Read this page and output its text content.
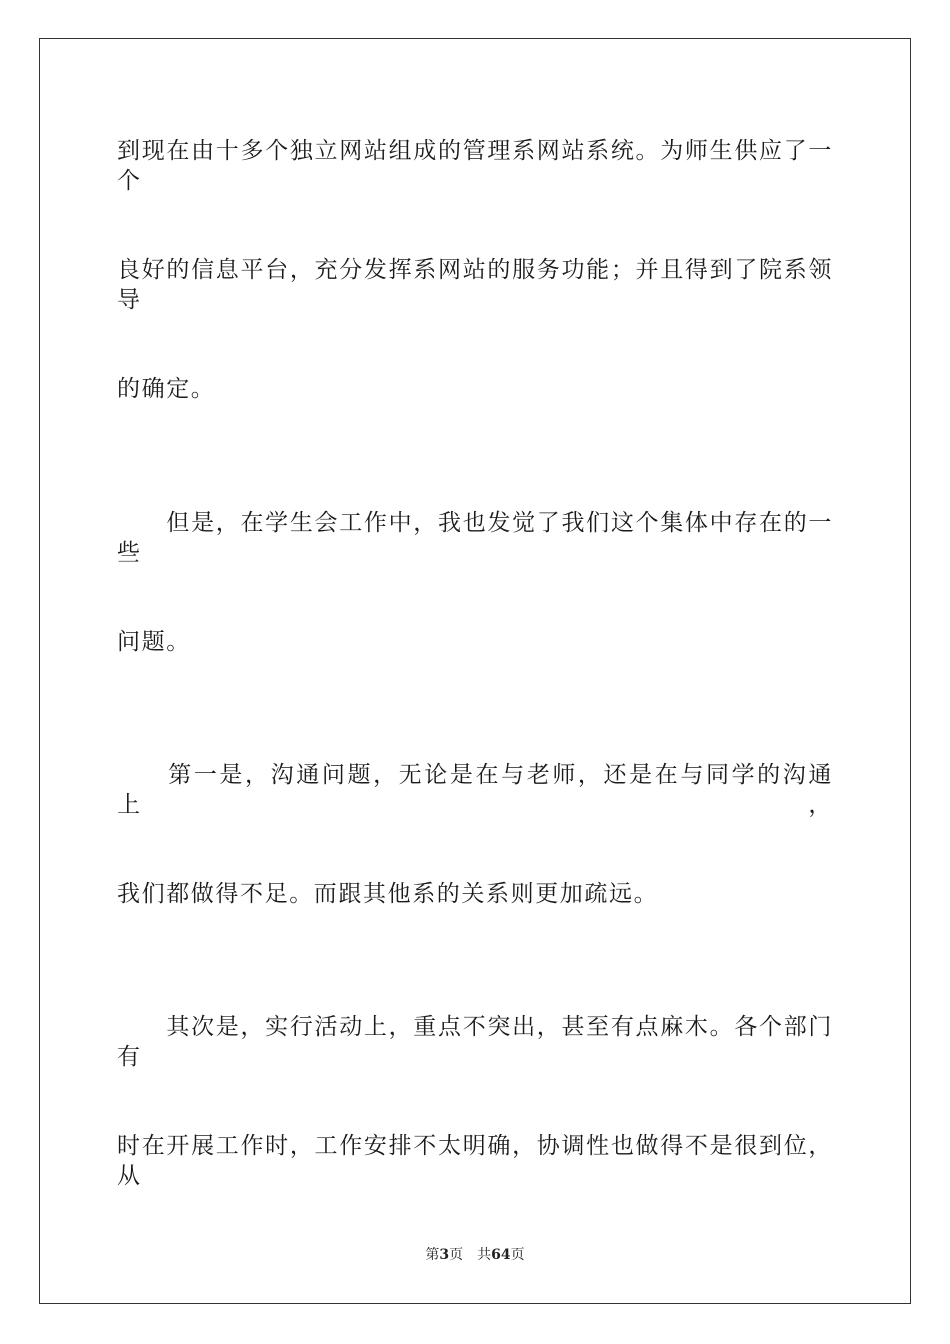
到现在由十多个独立网站组成的管理系网站系统。为师生供应了一个
良好的信息平台，充分发挥系网站的服务功能；并且得到了院系领导
的确定。
　　但是，在学生会工作中，我也发觉了我们这个集体中存在的一些
问题。
　　第一是，沟通问题，无论是在与老师，还是在与同学的沟通上，
我们都做得不足。而跟其他系的关系则更加疏远。
　　其次是，实行活动上，重点不突出，甚至有点麻木。各个部门有
时在开展工作时，工作安排不太明确，协调性也做得不是很到位，从
第3页 共64页
